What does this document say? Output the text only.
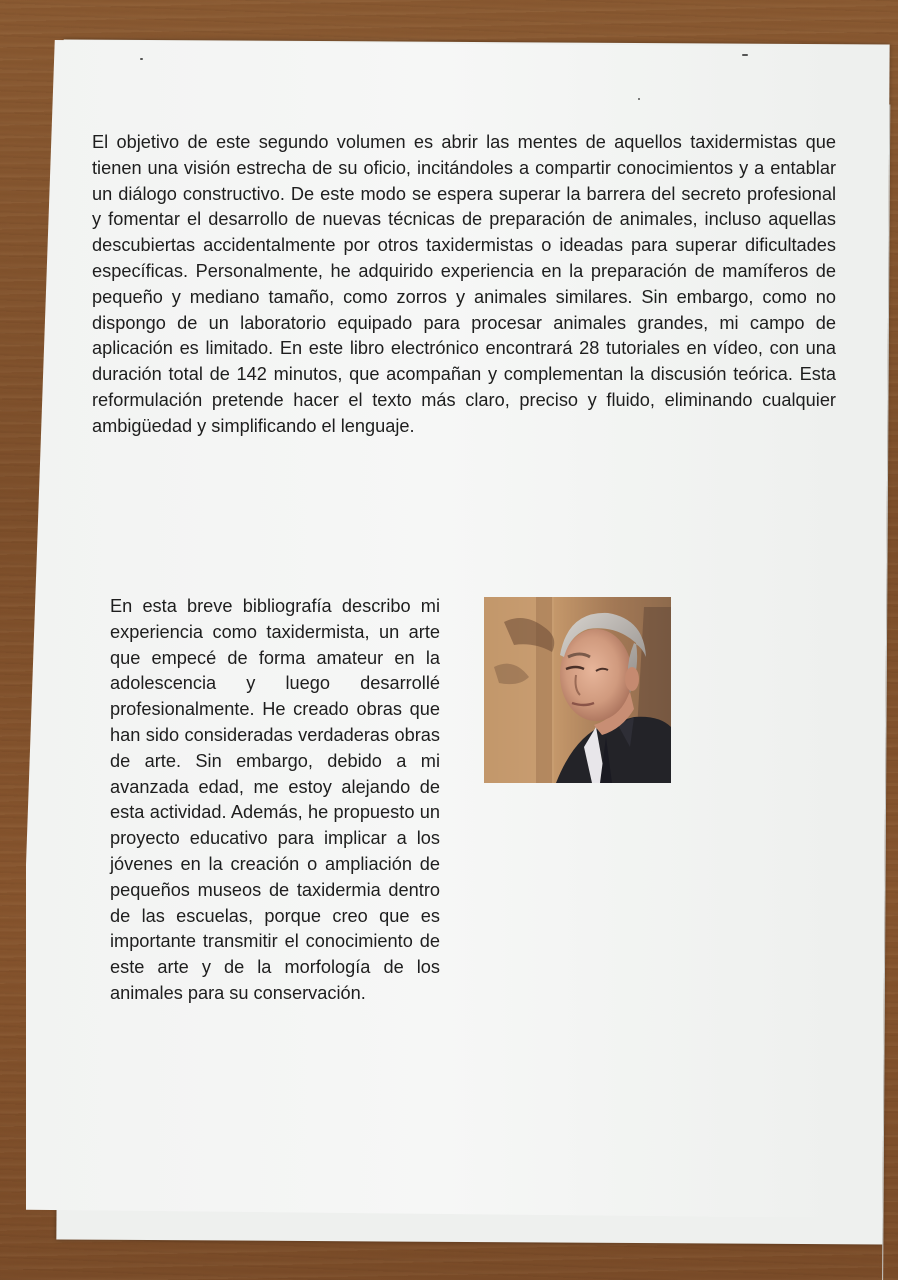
El objetivo de este segundo volumen es abrir las mentes de aquellos taxidermistas que tienen una visión estrecha de su oficio, incitándoles a compartir conocimientos y a entablar un diálogo constructivo. De este modo se espera superar la barrera del secreto profesional y fomentar el desarrollo de nuevas técnicas de preparación de animales, incluso aquellas descubiertas accidentalmente por otros taxidermistas o ideadas para superar dificultades específicas. Personalmente, he adquirido experiencia en la preparación de mamíferos de pequeño y mediano tamaño, como zorros y animales similares. Sin embargo, como no dispongo de un laboratorio equipado para procesar animales grandes, mi campo de aplicación es limitado. En este libro electrónico encontrará 28 tutoriales en vídeo, con una duración total de 142 minutos, que acompañan y complementan la discusión teórica. Esta reformulación pretende hacer el texto más claro, preciso y fluido, eliminando cualquier ambigüedad y simplificando el lenguaje.
En esta breve bibliografía describo mi experiencia como taxidermista, un arte que empecé de forma amateur en la adolescencia y luego desarrollé profesionalmente. He creado obras que han sido consideradas verdaderas obras de arte. Sin embargo, debido a mi avanzada edad, me estoy alejando de esta actividad. Además, he propuesto un proyecto educativo para implicar a los jóvenes en la creación o ampliación de pequeños museos de taxidermia dentro de las escuelas, porque creo que es importante transmitir el conocimiento de este arte y de la morfología de los animales para su conservación.
